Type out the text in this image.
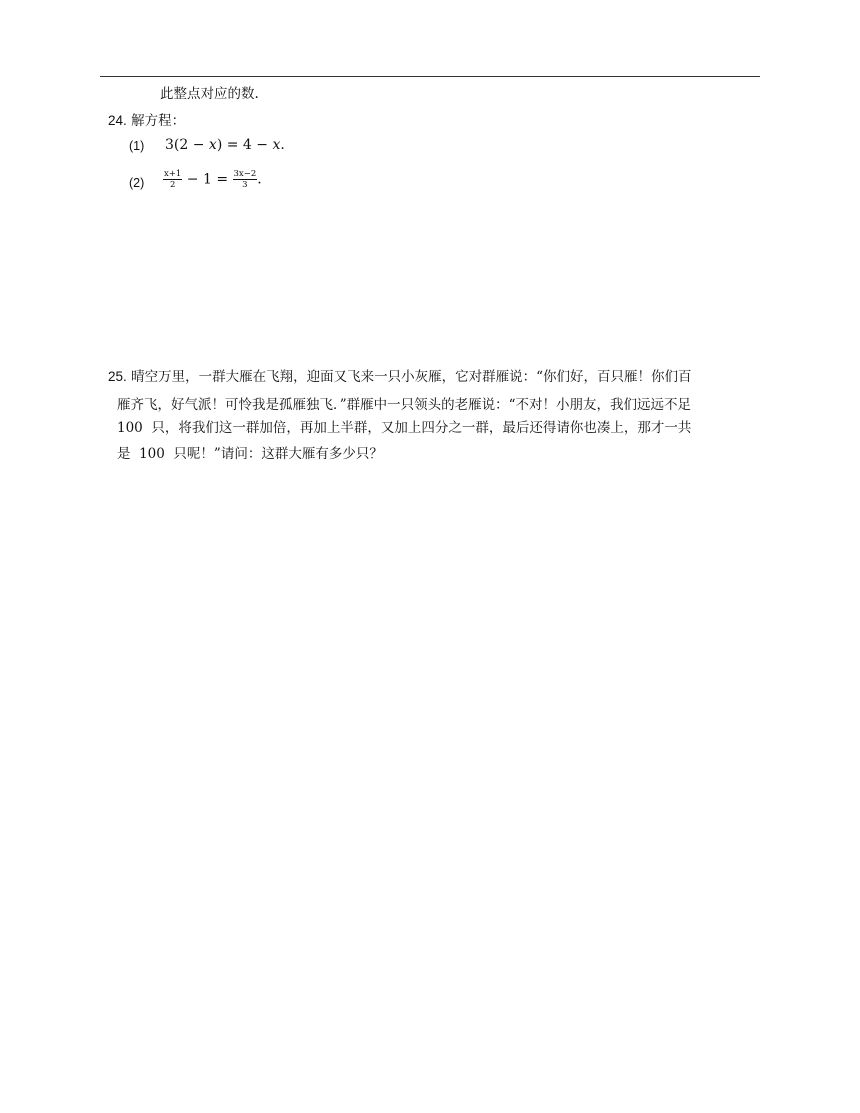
此整点对应的数.
24. 解方程：
(1) 3(2 − x) = 4 − x.
$(2) \frac{x+1}{2} - 1 = \frac{3x-2}{3}$ .
25. 晴空万里，一群大雁在飞翔，迎面又飞来一只小灰雁，它对群雁说：“你们好，百只雁！你们百
雁齐飞，好气派！可怜我是孤雁独飞．”群雁中一只领头的老雁说：“不对！小朋友，我们远远不足
100  只，将我们这一群加倍，再加上半群，又加上四分之一群，最后还得请你也凑上，那才一共
是  100  只呢！”请问：这群大雁有多少只？
